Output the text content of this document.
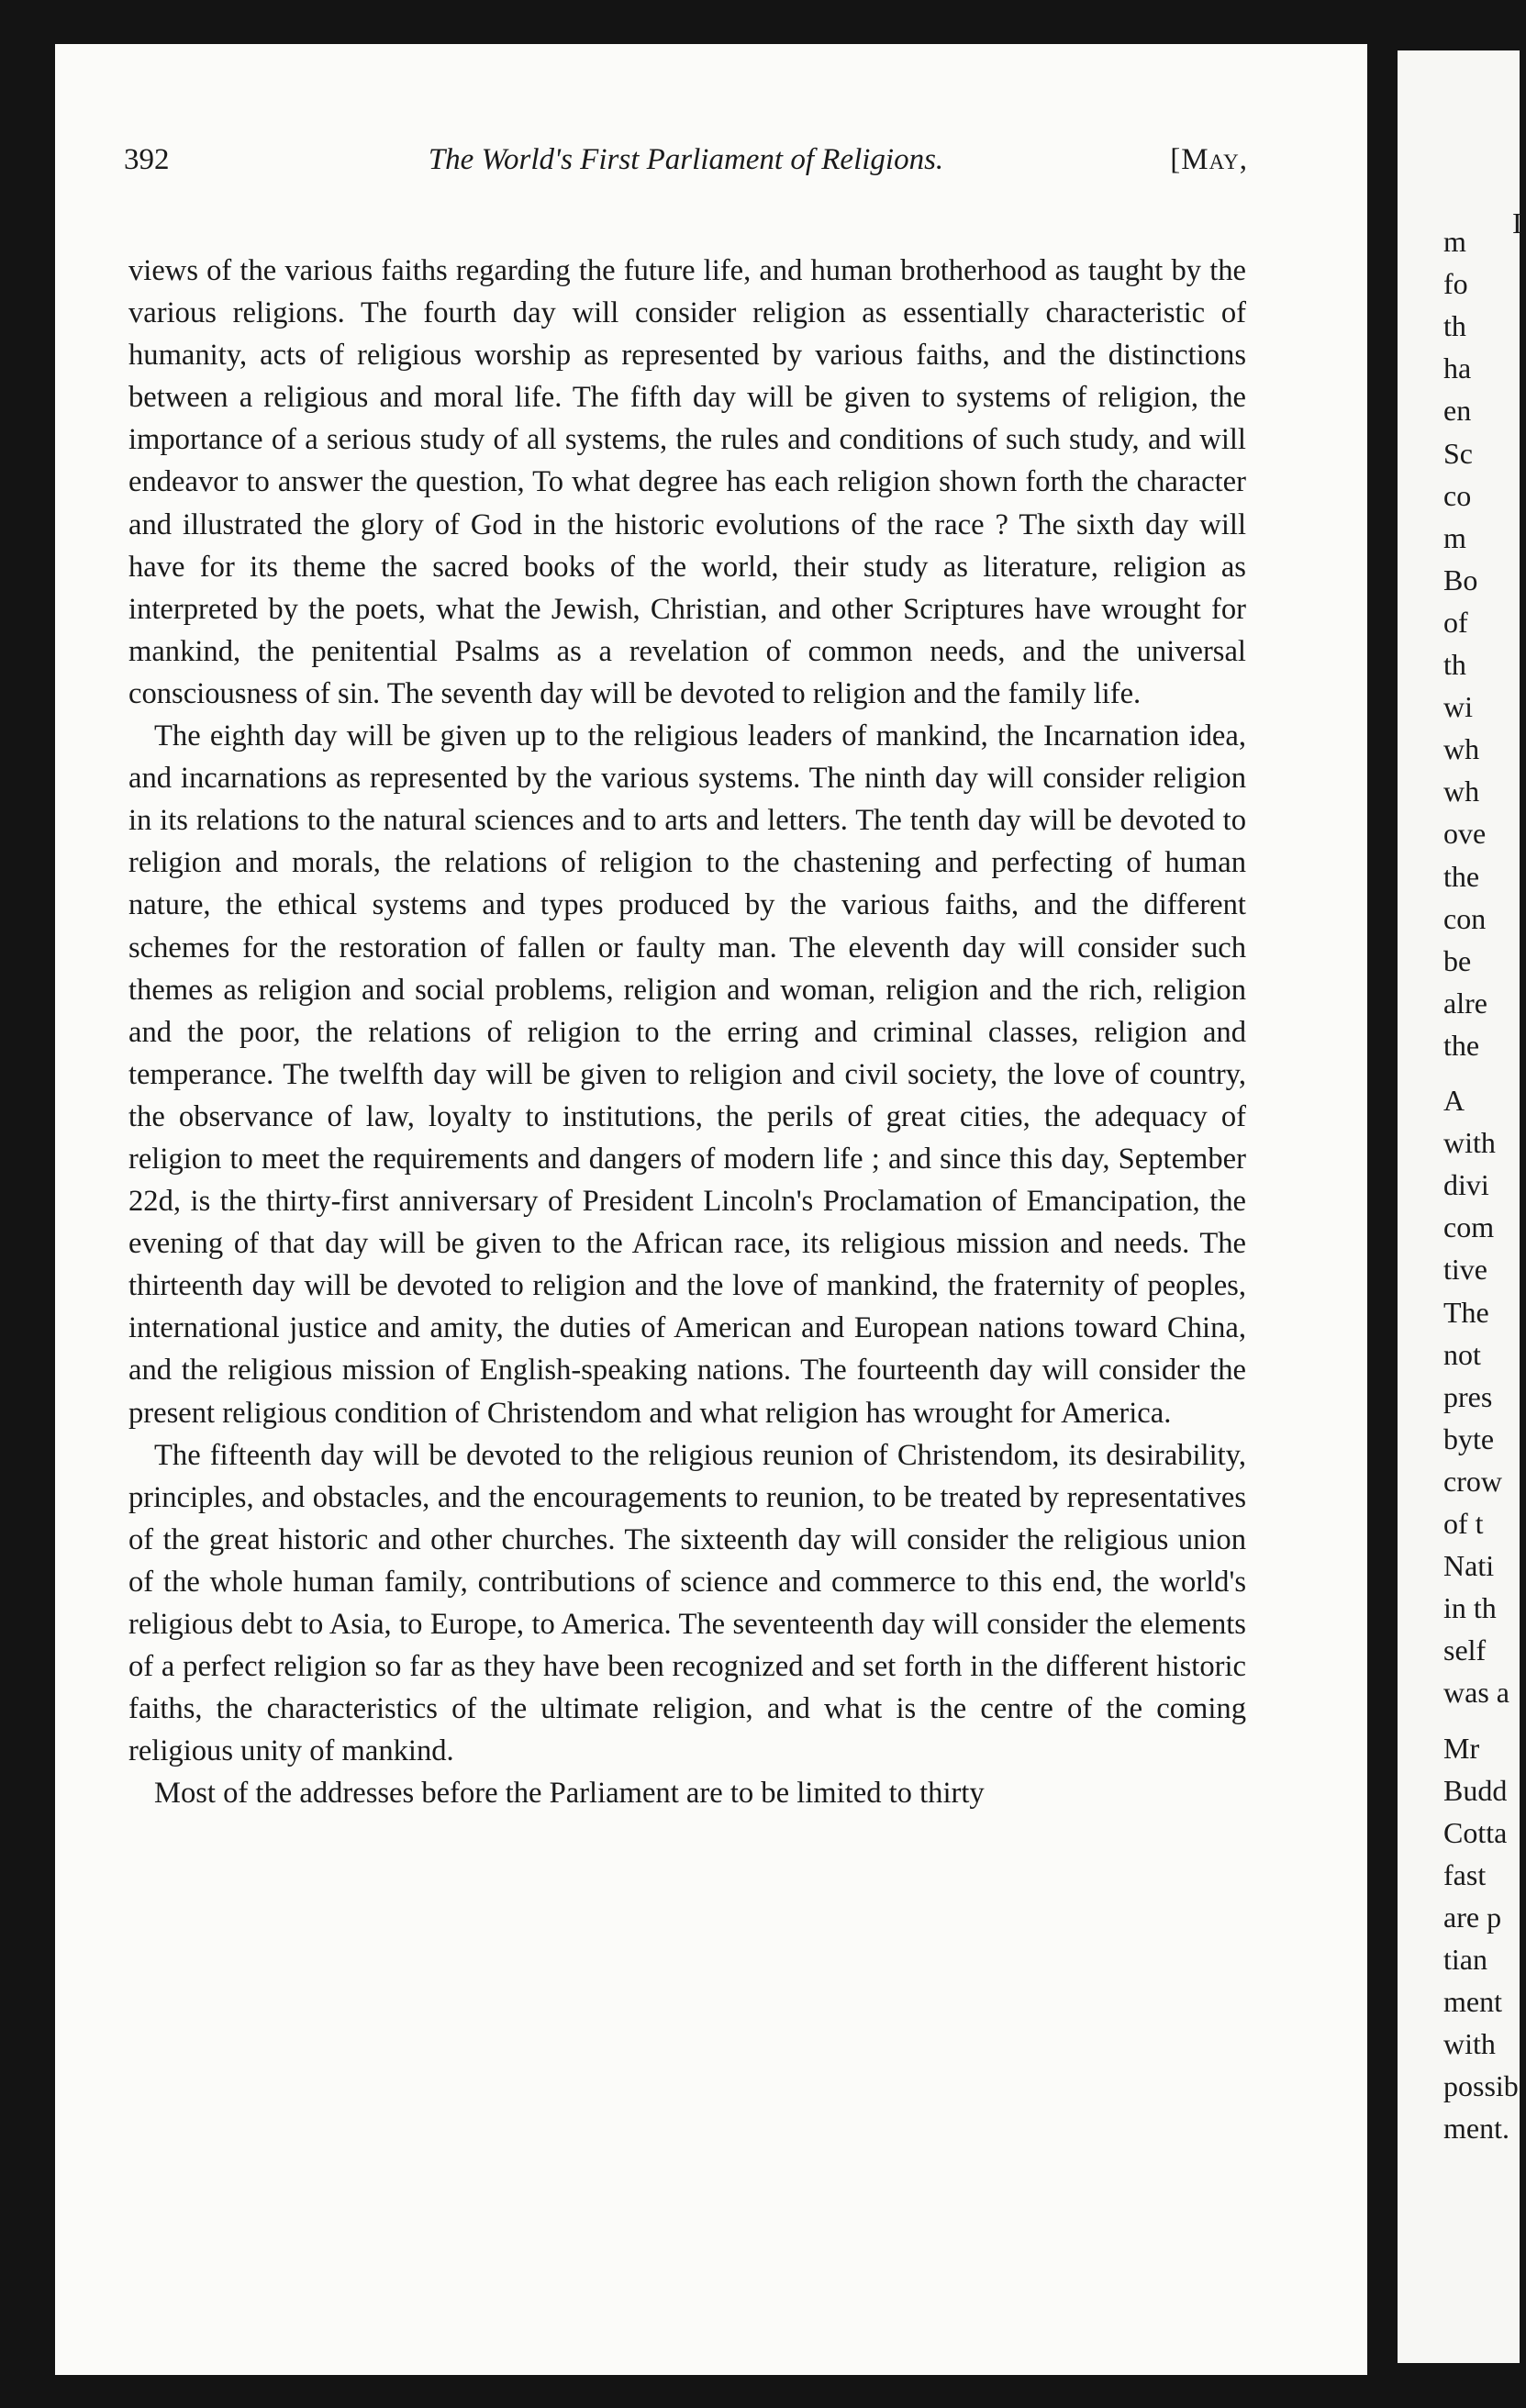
392	The World's First Parliament of Religions.	[May,

views of the various faiths regarding the future life, and human brotherhood as taught by the various religions. The fourth day will consider religion as essentially characteristic of humanity, acts of religious worship as represented by various faiths, and the distinctions between a religious and moral life. The fifth day will be given to systems of religion, the importance of a serious study of all systems, the rules and conditions of such study, and will endeavor to answer the question, To what degree has each religion shown forth the character and illustrated the glory of God in the historic evolutions of the race ? The sixth day will have for its theme the sacred books of the world, their study as literature, religion as interpreted by the poets, what the Jewish, Christian, and other Scriptures have wrought for mankind, the penitential Psalms as a revelation of common needs, and the universal consciousness of sin. The seventh day will be devoted to religion and the family life.

The eighth day will be given up to the religious leaders of mankind, the Incarnation idea, and incarnations as represented by the various systems. The ninth day will consider religion in its relations to the natural sciences and to arts and letters. The tenth day will be devoted to religion and morals, the relations of religion to the chastening and perfecting of human nature, the ethical systems and types produced by the various faiths, and the different schemes for the restoration of fallen or faulty man. The eleventh day will consider such themes as religion and social problems, religion and woman, religion and the rich, religion and the poor, the relations of religion to the erring and criminal classes, religion and temperance. The twelfth day will be given to religion and civil society, the love of country, the observance of law, loyalty to institutions, the perils of great cities, the adequacy of religion to meet the requirements and dangers of modern life ; and since this day, September 22d, is the thirty-first anniversary of President Lincoln's Proclamation of Emancipation, the evening of that day will be given to the African race, its religious mission and needs. The thirteenth day will be devoted to religion and the love of mankind, the fraternity of peoples, international justice and amity, the duties of American and European nations toward China, and the religious mission of English-speaking nations. The fourteenth day will consider the present religious condition of Christendom and what religion has wrought for America.

The fifteenth day will be devoted to the religious reunion of Christendom, its desirability, principles, and obstacles, and the encouragements to reunion, to be treated by representatives of the great historic and other churches. The sixteenth day will consider the religious union of the whole human family, contributions of science and commerce to this end, the world's religious debt to Asia, to Europe, to America. The seventeenth day will consider the elements of a perfect religion so far as they have been recognized and set forth in the different historic faiths, the characteristics of the ultimate religion, and what is the centre of the coming religious unity of mankind.

Most of the addresses before the Parliament are to be limited to thirty

m
fo
th
ha
en
Sc
co
m
Bo
of
th
wi
wh
wh
ove
the
con
be
alre
the
A
with
divi
com
tive
The
not
pres
byte
crow
of t
Nati
in th
self
was a
Mr
Budd
Cotta
fast
are p
tian
ment
with
possib
ment.
I
